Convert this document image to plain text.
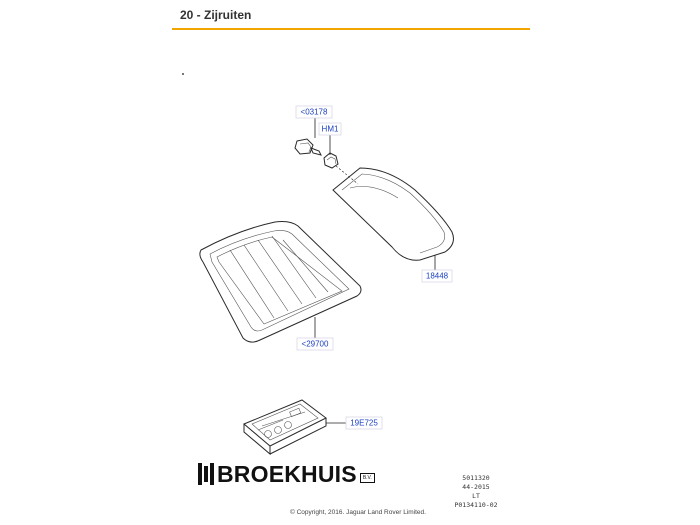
20 - Zijruiten
<03178
HM1
18448
<29700
19E725
BROEKHUIS	B.V.	5011320
44-2015
LT
P0134110-02
© Copyright, 2016. Jaguar Land Rover Limited.
